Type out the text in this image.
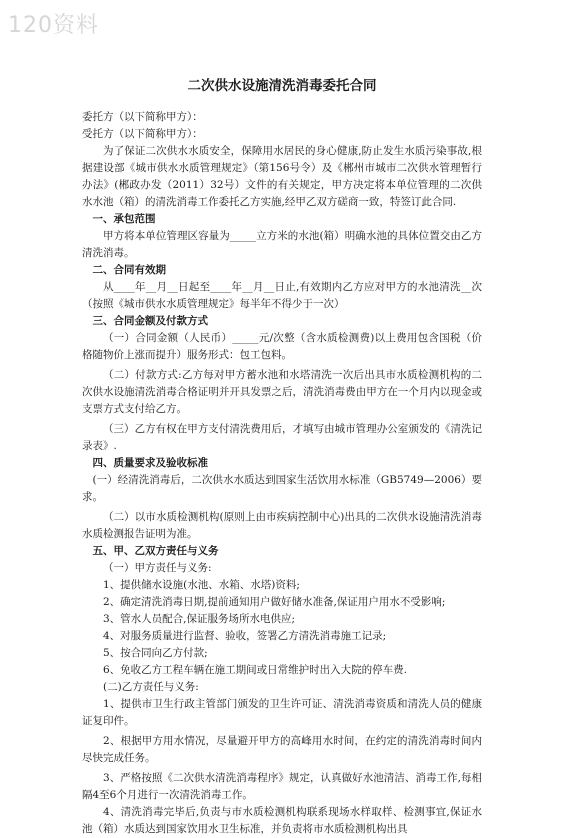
120资料
二次供水设施清洗消毒委托合同

委托方（以下简称甲方）：

受托方（以下简称甲方）：

为了保证二次供水水质安全，保障用水居民的身心健康,防止发生水质污染事故,根据建设部《城市供水水质管理规定》（第156号令）及《郴州市城市二次供水管理暂行办法》(郴政办发（2011）32号）文件的有关规定，甲方决定将本单位管理的二次供水水池（箱）的清洗消毒工作委托乙方实施,经甲乙双方磋商一致，特签订此合同.

一、承包范围

甲方将本单位管理区容量为_____立方米的水池(箱）明确水池的具体位置交由乙方清洗消毒。

二、合同有效期

从____年__月__日起至____年__月__日止,有效期内乙方应对甲方的水池清洗__次（按照《城市供水水质管理规定》每半年不得少于一次）

三、合同金额及付款方式

（一）合同金额（人民币）_____元/次整（含水质检测费)以上费用包含国税（价格随物价上涨而提升）服务形式：包工包料。

（二）付款方式:乙方每对甲方蓄水池和水塔清洗一次后出具市水质检测机构的二次供水设施清洗消毒合格证明并开具发票之后，清洗消毒费由甲方在一个月内以现金或支票方式支付给乙方。

（三）乙方有权在甲方支付清洗费用后，才填写由城市管理办公室颁发的《清洗记录表》.

四、质量要求及验收标准

(一）经清洗消毒后，二次供水水质达到国家生活饮用水标准（GB5749—2006）要求。

（二）以市水质检测机构(原则上由市疾病控制中心)出具的二次供水设施清洗消毒水质检测报告证明为准。

五、甲、乙双方责任与义务

（一）甲方责任与义务:

1、提供储水设施(水池、水箱、水塔)资料;

2、确定清洗消毒日期,提前通知用户做好储水准备,保证用户用水不受影响;

3、管水人员配合,保证服务场所水电供应;

4、对服务质量进行监督、验收，签署乙方清洗消毒施工记录;

5、按合同向乙方付款;

6、免收乙方工程车辆在施工期间或日常维护时出入大院的停车费.

(二)乙方责任与义务:

1、提供市卫生行政主管部门颁发的卫生许可证、清洗消毒资质和清洗人员的健康证复印件。

2、根据甲方用水情况，尽量避开甲方的高峰用水时间，在约定的清洗消毒时间内尽快完成任务。

3、严格按照《二次供水清洗消毒程序》规定，认真做好水池清洁、消毒工作,每相隔4至6个月进行一次清洗消毒工作。

4、清洗消毒完毕后,负责与市水质检测机构联系现场水样取样、检测事宜,保证水池（箱）水质达到国家饮用水卫生标准，并负责将市水质检测机构出具
